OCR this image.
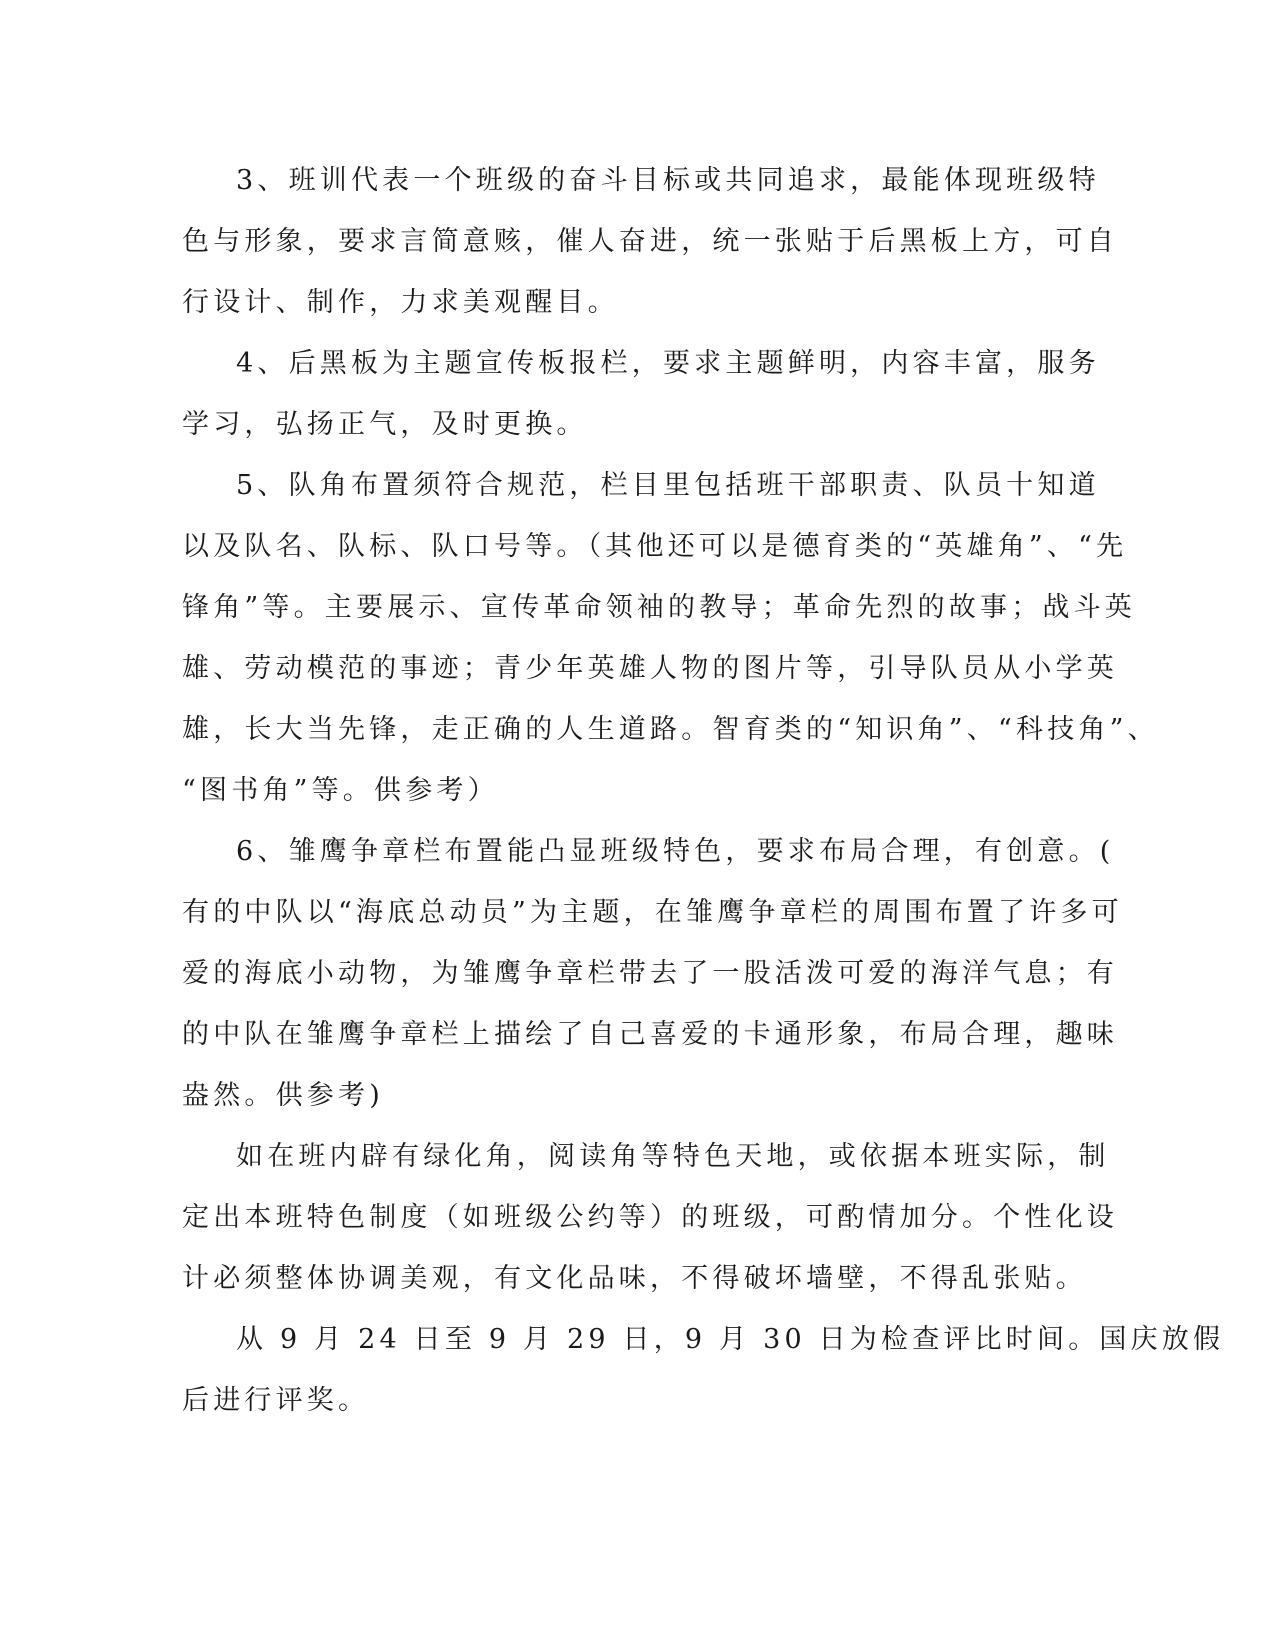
3、班训代表一个班级的奋斗目标或共同追求，最能体现班级特
色与形象，要求言简意赅，催人奋进，统一张贴于后黑板上方，可自
行设计、制作，力求美观醒目。

4、后黑板为主题宣传板报栏，要求主题鲜明，内容丰富，服务
学习，弘扬正气，及时更换。

5、队角布置须符合规范，栏目里包括班干部职责、队员十知道
以及队名、队标、队口号等。（其他还可以是德育类的“英雄角”、“先
锋角”等。主要展示、宣传革命领袖的教导；革命先烈的故事；战斗英
雄、劳动模范的事迹；青少年英雄人物的图片等，引导队员从小学英
雄，长大当先锋，走正确的人生道路。智育类的“知识角”、“科技角”、
“图书角”等。供参考）

6、雏鹰争章栏布置能凸显班级特色，要求布局合理，有创意。(
有的中队以“海底总动员”为主题，在雏鹰争章栏的周围布置了许多可
爱的海底小动物，为雏鹰争章栏带去了一股活泼可爱的海洋气息；有
的中队在雏鹰争章栏上描绘了自己喜爱的卡通形象，布局合理，趣味
盎然。供参考)

如在班内辟有绿化角，阅读角等特色天地，或依据本班实际，制
定出本班特色制度（如班级公约等）的班级，可酌情加分。个性化设
计必须整体协调美观，有文化品味，不得破坏墙壁，不得乱张贴。

从 9 月 24 日至 9 月 29 日，9 月 30 日为检查评比时间。国庆放假
后进行评奖。
